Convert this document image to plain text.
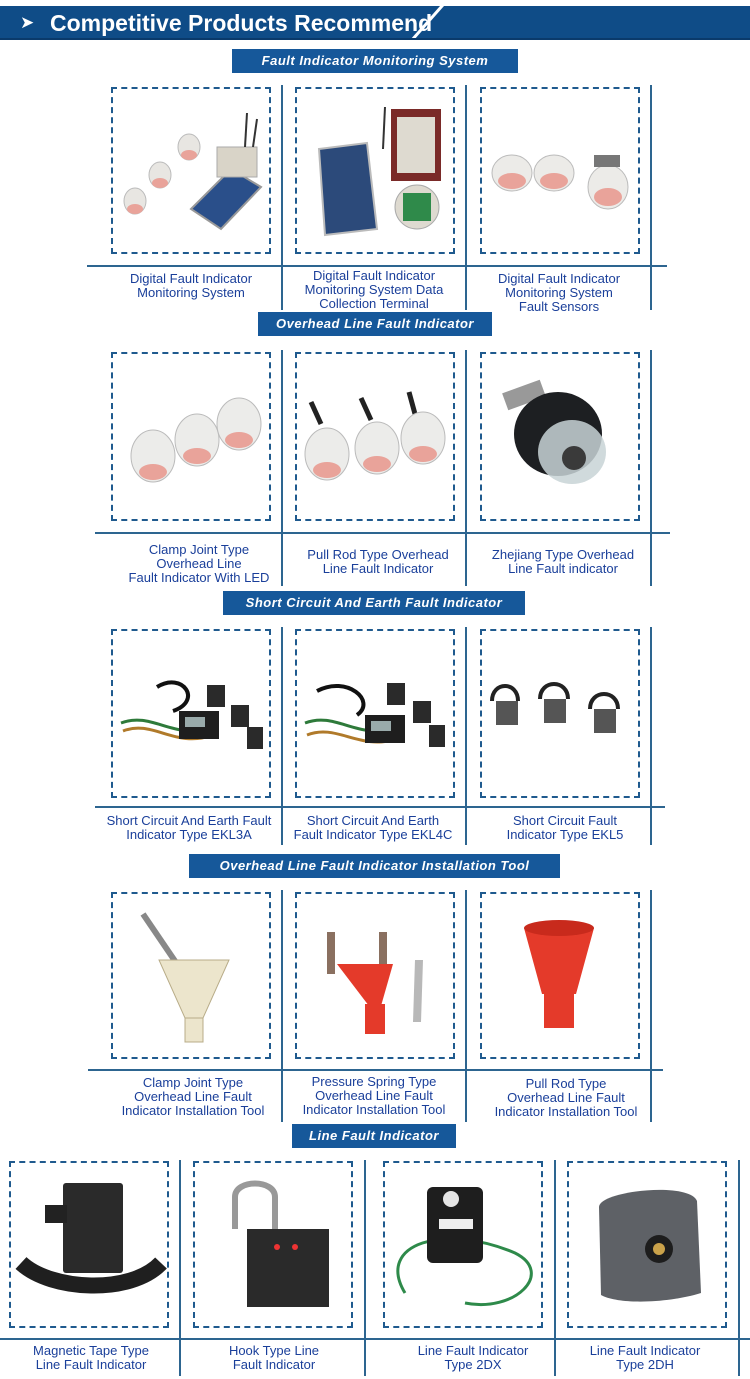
➤ Competitive Products Recommend
Fault Indicator Monitoring System
Digital Fault Indicator
Monitoring System
Digital Fault Indicator
Monitoring System Data
Collection Terminal
Digital Fault Indicator
Monitoring System
Fault Sensors
Overhead Line Fault Indicator
Clamp Joint Type
Overhead Line
Fault Indicator With LED
Pull Rod Type Overhead
Line Fault Indicator
Zhejiang Type Overhead
Line Fault indicator
Short Circuit And Earth Fault Indicator
Short Circuit And Earth Fault
Indicator Type EKL3A
Short Circuit And Earth
Fault Indicator Type EKL4C
Short Circuit Fault
Indicator Type EKL5
Overhead Line Fault Indicator Installation Tool
Clamp Joint Type
Overhead Line Fault
Indicator Installation Tool
Pressure Spring Type
Overhead Line Fault
Indicator Installation Tool
Pull Rod Type
Overhead Line Fault
Indicator Installation Tool
Line Fault Indicator
Magnetic Tape Type
Line Fault Indicator
Hook Type Line
Fault Indicator
Line Fault Indicator
Type 2DX
Line Fault Indicator
Type 2DH
